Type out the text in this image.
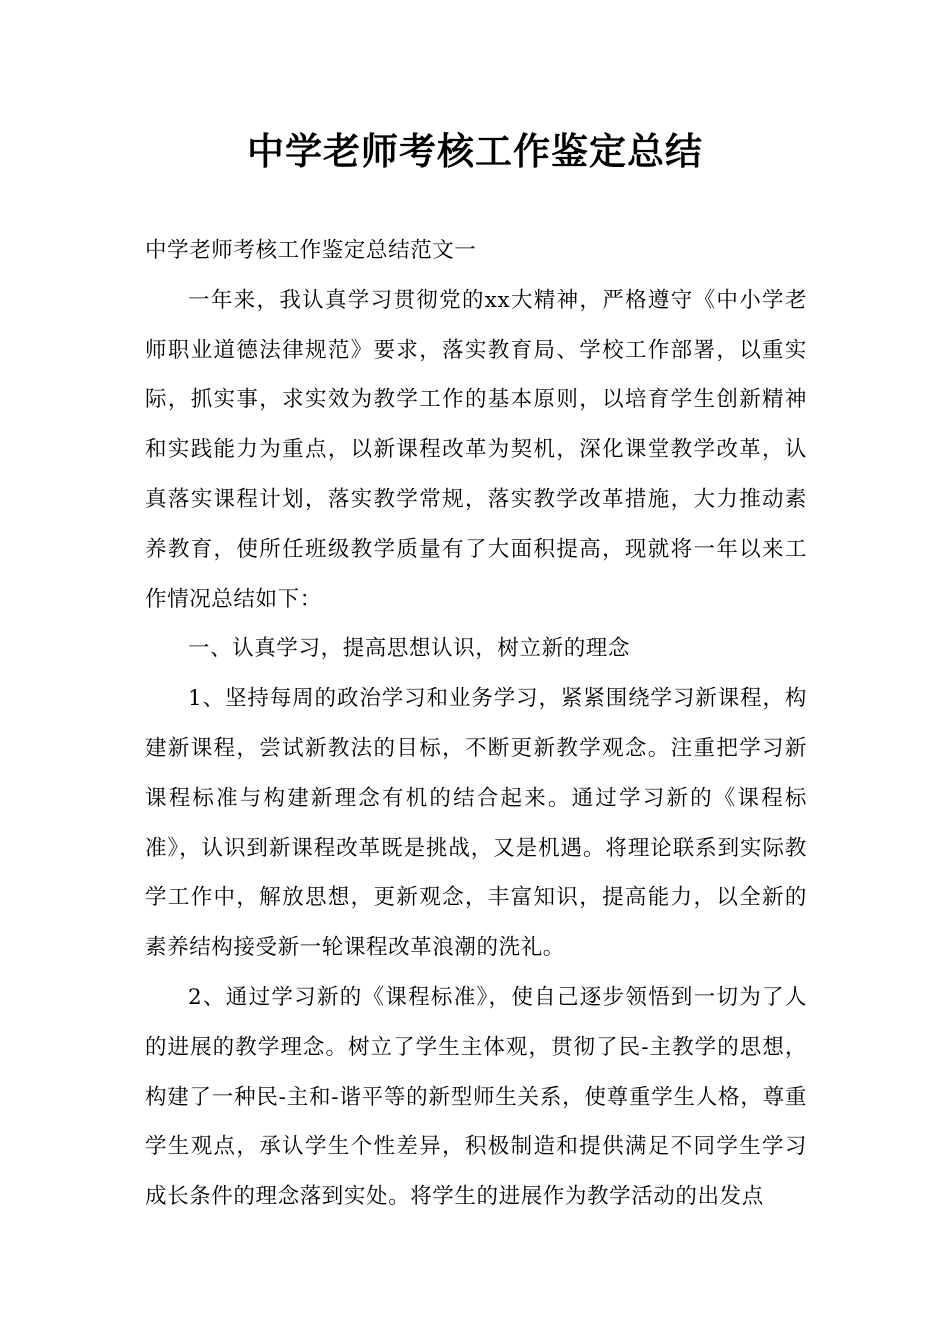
中学老师考核工作鉴定总结

中学老师考核工作鉴定总结范文一

一年来，我认真学习贯彻党的xx大精神，严格遵守《中小学老师职业道德法律规范》要求，落实教育局、学校工作部署，以重实际，抓实事，求实效为教学工作的基本原则，以培育学生创新精神和实践能力为重点，以新课程改革为契机，深化课堂教学改革，认真落实课程计划，落实教学常规，落实教学改革措施，大力推动素养教育，使所任班级教学质量有了大面积提高，现就将一年以来工作情况总结如下：

一、认真学习，提高思想认识，树立新的理念

1、坚持每周的政治学习和业务学习，紧紧围绕学习新课程，构建新课程，尝试新教法的目标，不断更新教学观念。注重把学习新课程标准与构建新理念有机的结合起来。通过学习新的《课程标准》，认识到新课程改革既是挑战，又是机遇。将理论联系到实际教学工作中，解放思想，更新观念，丰富知识，提高能力，以全新的素养结构接受新一轮课程改革浪潮的洗礼。

2、通过学习新的《课程标准》，使自己逐步领悟到一切为了人的进展的教学理念。树立了学生主体观，贯彻了民-主教学的思想，构建了一种民-主和-谐平等的新型师生关系，使尊重学生人格，尊重学生观点，承认学生个性差异，积极制造和提供满足不同学生学习成长条件的理念落到实处。将学生的进展作为教学活动的出发点
